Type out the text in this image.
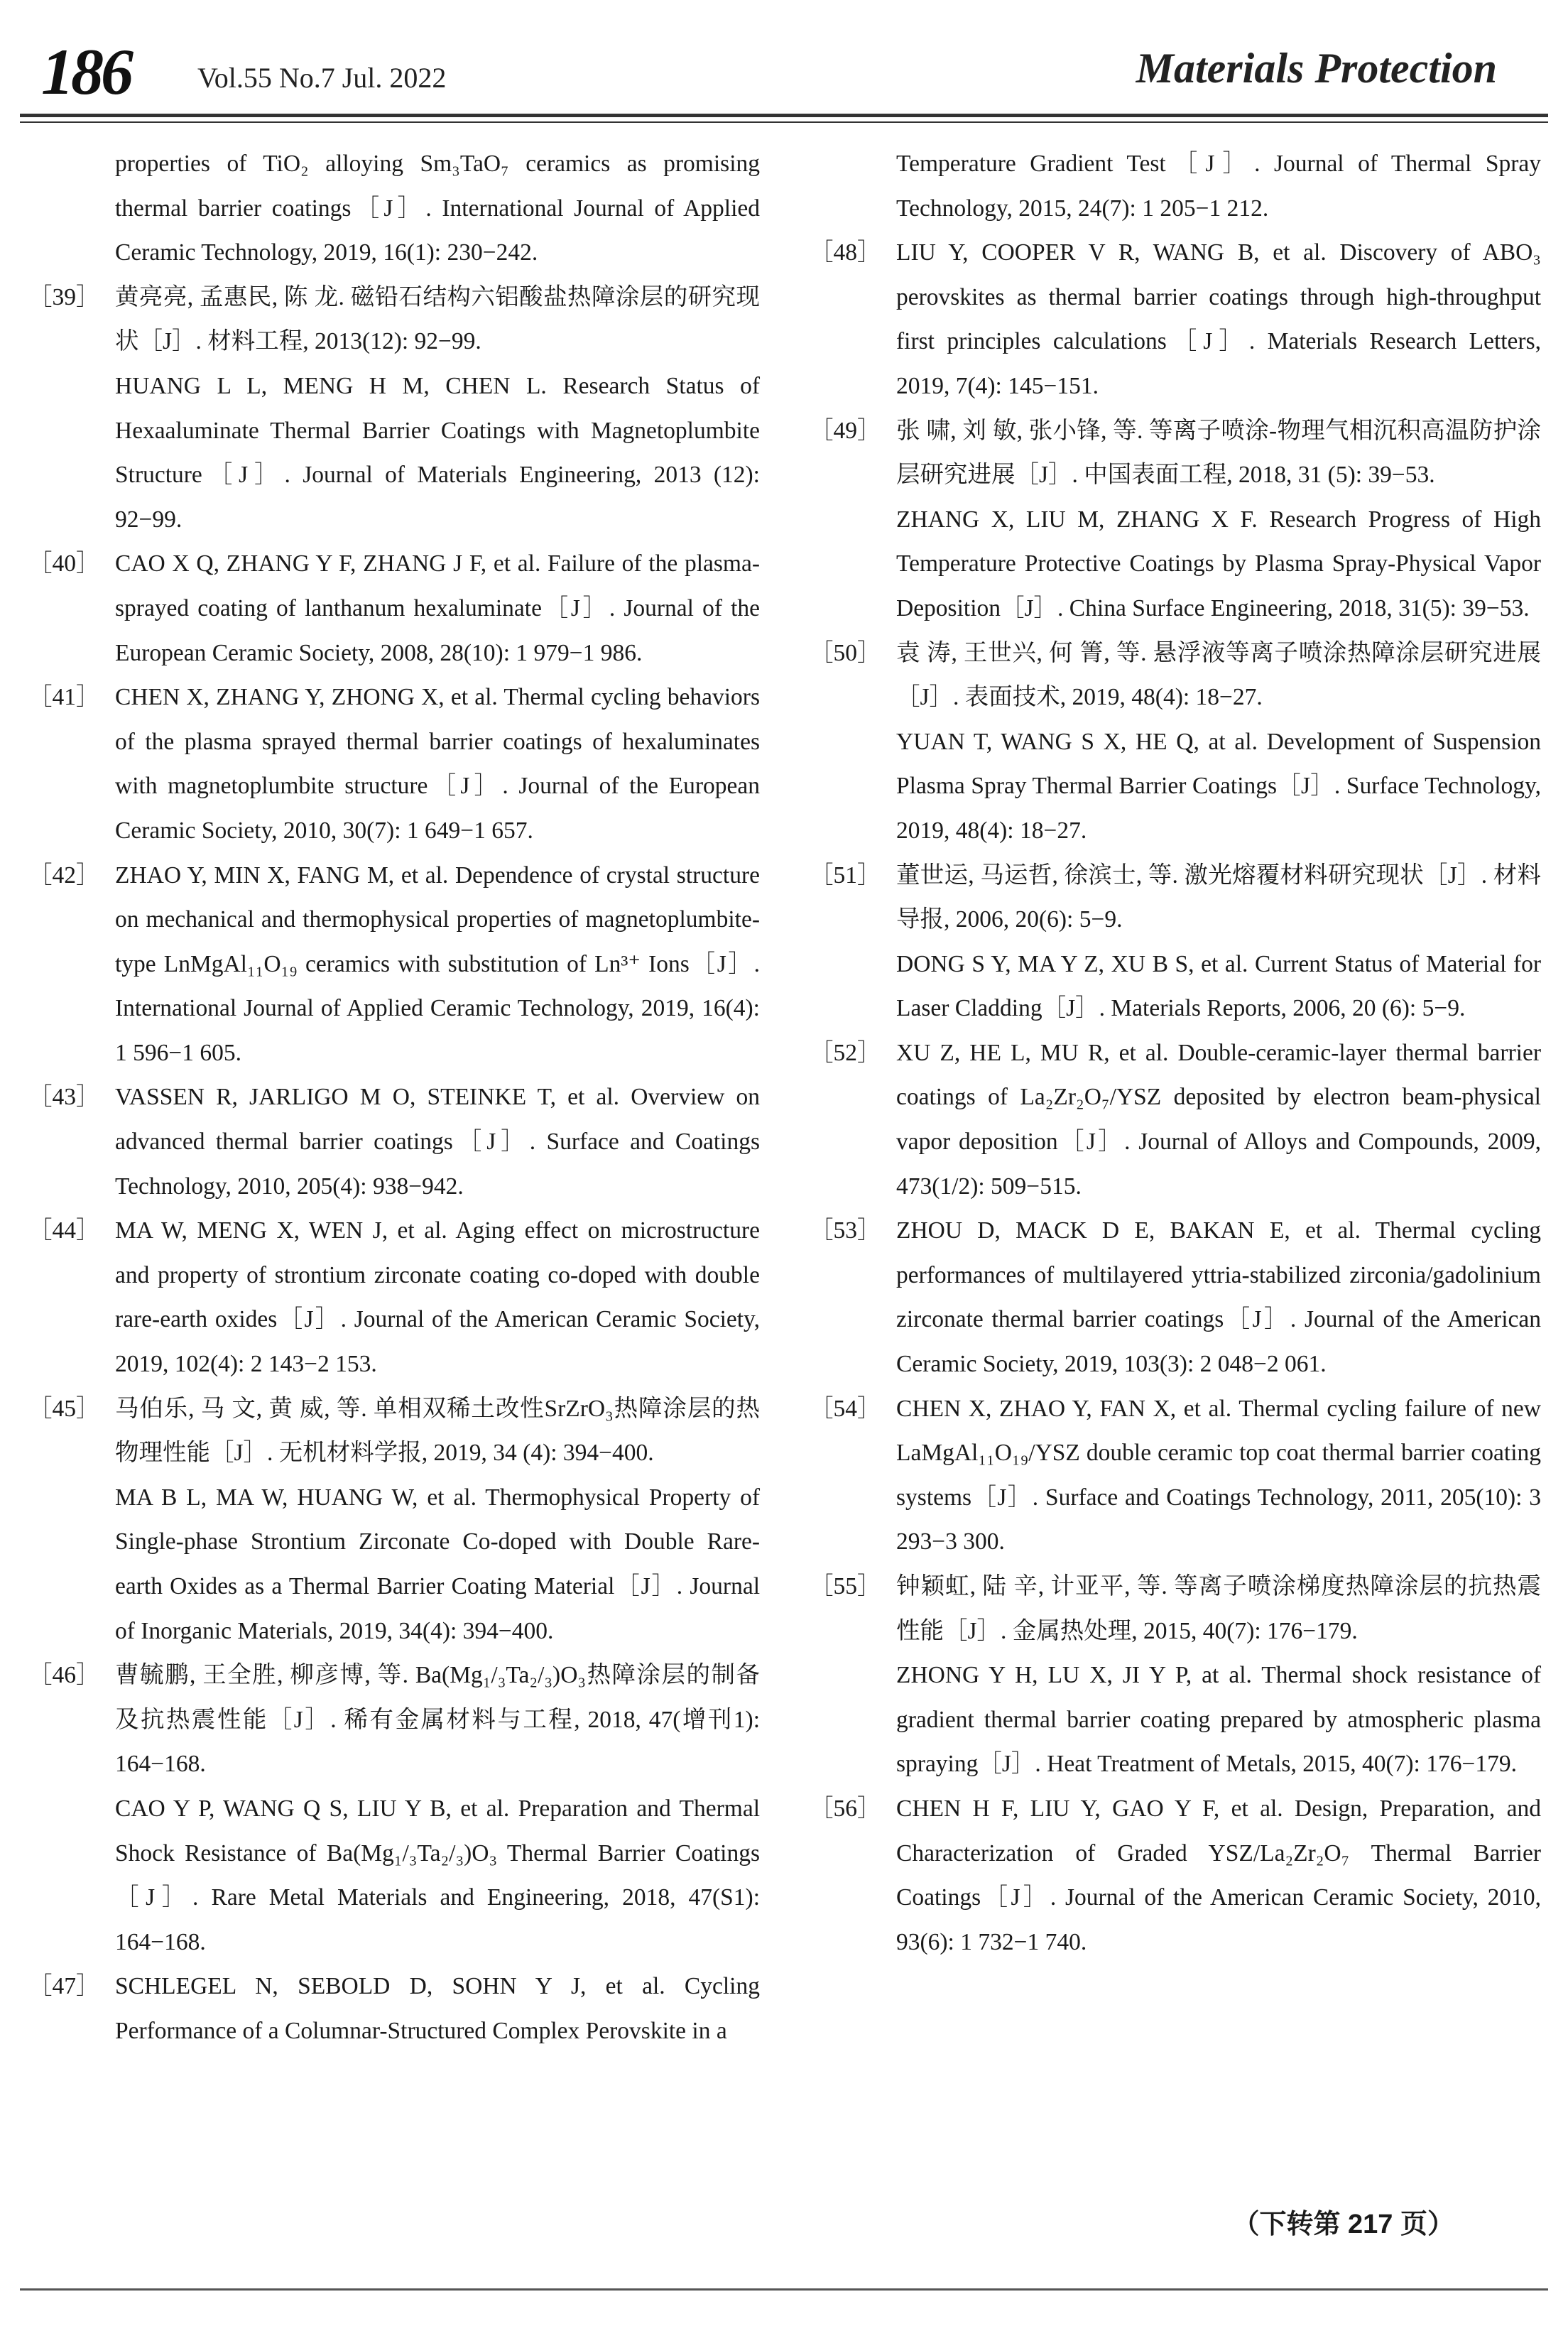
186 Vol.55 No.7 Jul. 2022	Materials Protection

properties of TiO₂ alloying Sm₃TaO₇ ceramics as promising thermal barrier coatings［J］. International Journal of Applied Ceramic Technology, 2019, 16(1): 230−242.

［39］ 黄亮亮, 孟惠民, 陈 龙. 磁铅石结构六铝酸盐热障涂层的研究现状［J］. 材料工程, 2013(12): 92−99.

HUANG L L, MENG H M, CHEN L. Research Status of Hexaaluminate Thermal Barrier Coatings with Magnetoplumbite Structure［J］. Journal of Materials Engineering, 2013 (12): 92−99.

［40］ CAO X Q, ZHANG Y F, ZHANG J F, et al. Failure of the plasma-sprayed coating of lanthanum hexaluminate［J］. Journal of the European Ceramic Society, 2008, 28(10): 1 979−1 986.

［41］ CHEN X, ZHANG Y, ZHONG X, et al. Thermal cycling behaviors of the plasma sprayed thermal barrier coatings of hexaluminates with magnetoplumbite structure［J］. Journal of the European Ceramic Society, 2010, 30(7): 1 649−1 657.

［42］ ZHAO Y, MIN X, FANG M, et al. Dependence of crystal structure on mechanical and thermophysical properties of magnetoplumbite-type LnMgAl₁₁O₁₉ ceramics with substitution of Ln³⁺ Ions［J］. International Journal of Applied Ceramic Technology, 2019, 16(4): 1 596−1 605.

［43］ VASSEN R, JARLIGO M O, STEINKE T, et al. Overview on advanced thermal barrier coatings［J］. Surface and Coatings Technology, 2010, 205(4): 938−942.

［44］ MA W, MENG X, WEN J, et al. Aging effect on microstructure and property of strontium zirconate coating co-doped with double rare-earth oxides［J］. Journal of the American Ceramic Society, 2019, 102(4): 2 143−2 153.

［45］ 马伯乐, 马 文, 黄 威, 等. 单相双稀土改性SrZrO₃热障涂层的热物理性能［J］. 无机材料学报, 2019, 34 (4): 394−400.

MA B L, MA W, HUANG W, et al. Thermophysical Property of Single-phase Strontium Zirconate Co-doped with Double Rare-earth Oxides as a Thermal Barrier Coating Material［J］. Journal of Inorganic Materials, 2019, 34(4): 394−400.

［46］ 曹毓鹏, 王全胜, 柳彦博, 等. Ba(Mg₁/₃Ta₂/₃)O₃热障涂层的制备及抗热震性能［J］. 稀有金属材料与工程, 2018, 47(增刊1): 164−168.

CAO Y P, WANG Q S, LIU Y B, et al. Preparation and Thermal Shock Resistance of Ba(Mg₁/₃Ta₂/₃)O₃ Thermal Barrier Coatings［J］. Rare Metal Materials and Engineering, 2018, 47(S1): 164−168.

［47］ SCHLEGEL N, SEBOLD D, SOHN Y J, et al. Cycling Performance of a Columnar-Structured Complex Perovskite in a

Temperature Gradient Test［J］. Journal of Thermal Spray Technology, 2015, 24(7): 1 205−1 212.

［48］ LIU Y, COOPER V R, WANG B, et al. Discovery of ABO₃ perovskites as thermal barrier coatings through high-throughput first principles calculations［J］. Materials Research Letters, 2019, 7(4): 145−151.

［49］ 张 啸, 刘 敏, 张小锋, 等. 等离子喷涂-物理气相沉积高温防护涂层研究进展［J］. 中国表面工程, 2018, 31 (5): 39−53.

ZHANG X, LIU M, ZHANG X F. Research Progress of High Temperature Protective Coatings by Plasma Spray-Physical Vapor Deposition［J］. China Surface Engineering, 2018, 31(5): 39−53.

［50］ 袁 涛, 王世兴, 何 箐, 等. 悬浮液等离子喷涂热障涂层研究进展［J］. 表面技术, 2019, 48(4): 18−27.

YUAN T, WANG S X, HE Q, at al. Development of Suspension Plasma Spray Thermal Barrier Coatings［J］. Surface Technology, 2019, 48(4): 18−27.

［51］ 董世运, 马运哲, 徐滨士, 等. 激光熔覆材料研究现状［J］. 材料导报, 2006, 20(6): 5−9.

DONG S Y, MA Y Z, XU B S, et al. Current Status of Material for Laser Cladding［J］. Materials Reports, 2006, 20 (6): 5−9.

［52］ XU Z, HE L, MU R, et al. Double-ceramic-layer thermal barrier coatings of La₂Zr₂O₇/YSZ deposited by electron beam-physical vapor deposition［J］. Journal of Alloys and Compounds, 2009, 473(1/2): 509−515.

［53］ ZHOU D, MACK D E, BAKAN E, et al. Thermal cycling performances of multilayered yttria-stabilized zirconia/gadolinium zirconate thermal barrier coatings［J］. Journal of the American Ceramic Society, 2019, 103(3): 2 048−2 061.

［54］ CHEN X, ZHAO Y, FAN X, et al. Thermal cycling failure of new LaMgAl₁₁O₁₉/YSZ double ceramic top coat thermal barrier coating systems［J］. Surface and Coatings Technology, 2011, 205(10): 3 293−3 300.

［55］ 钟颖虹, 陆 辛, 计亚平, 等. 等离子喷涂梯度热障涂层的抗热震性能［J］. 金属热处理, 2015, 40(7): 176−179.

ZHONG Y H, LU X, JI Y P, at al. Thermal shock resistance of gradient thermal barrier coating prepared by atmospheric plasma spraying［J］. Heat Treatment of Metals, 2015, 40(7): 176−179.

［56］ CHEN H F, LIU Y, GAO Y F, et al. Design, Preparation, and Characterization of Graded YSZ/La₂Zr₂O₇ Thermal Barrier Coatings［J］. Journal of the American Ceramic Society, 2010, 93(6): 1 732−1 740.

（下转第 217 页）
